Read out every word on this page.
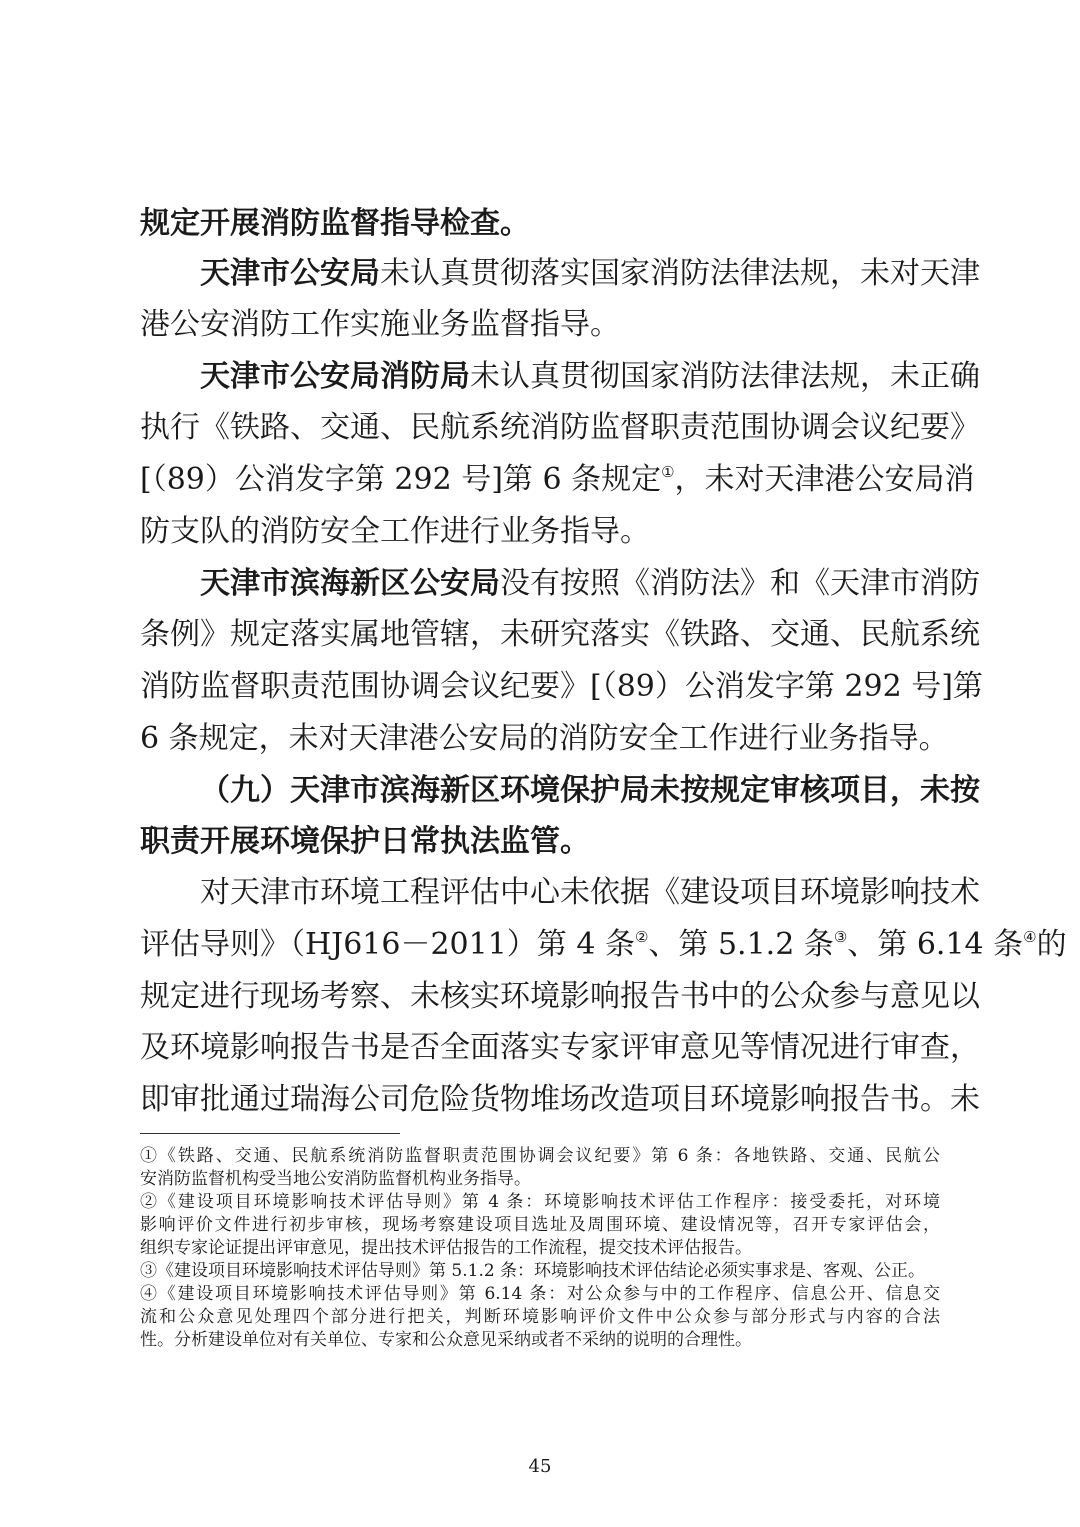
规定开展消防监督指导检查。
天津市公安局未认真贯彻落实国家消防法律法规，未对天津
港公安消防工作实施业务监督指导。
天津市公安局消防局未认真贯彻国家消防法律法规，未正确
执行《铁路、交通、民航系统消防监督职责范围协调会议纪要》
[（89）公消发字第 292 号]第 6 条规定①，未对天津港公安局消
防支队的消防安全工作进行业务指导。
天津市滨海新区公安局没有按照《消防法》和《天津市消防
条例》规定落实属地管辖，未研究落实《铁路、交通、民航系统
消防监督职责范围协调会议纪要》[（89）公消发字第 292 号]第
6 条规定，未对天津港公安局的消防安全工作进行业务指导。
（九）天津市滨海新区环境保护局未按规定审核项目，未按
职责开展环境保护日常执法监管。
对天津市环境工程评估中心未依据《建设项目环境影响技术
评估导则》（HJ616－2011）第 4 条②、第 5.1.2 条③、第 6.14 条④的
规定进行现场考察、未核实环境影响报告书中的公众参与意见以
及环境影响报告书是否全面落实专家评审意见等情况进行审查，
即审批通过瑞海公司危险货物堆场改造项目环境影响报告书。未
①《铁路、交通、民航系统消防监督职责范围协调会议纪要》第 6 条：各地铁路、交通、民航公
安消防监督机构受当地公安消防监督机构业务指导。
②《建设项目环境影响技术评估导则》第 4 条：环境影响技术评估工作程序：接受委托，对环境
影响评价文件进行初步审核，现场考察建设项目选址及周围环境、建设情况等，召开专家评估会，
组织专家论证提出评审意见，提出技术评估报告的工作流程，提交技术评估报告。
③《建设项目环境影响技术评估导则》第 5.1.2 条：环境影响技术评估结论必须实事求是、客观、公正。
④《建设项目环境影响技术评估导则》第 6.14 条：对公众参与中的工作程序、信息公开、信息交
流和公众意见处理四个部分进行把关，判断环境影响评价文件中公众参与部分形式与内容的合法
性。分析建设单位对有关单位、专家和公众意见采纳或者不采纳的说明的合理性。
45
